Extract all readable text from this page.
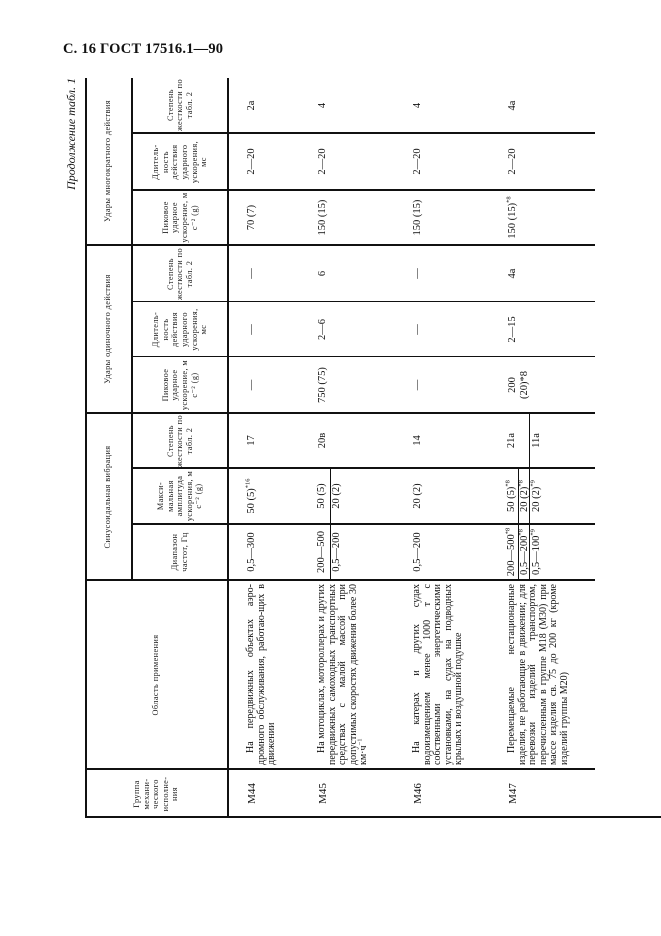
С. 16 ГОСТ 17516.1—90
Продолжение табл. 1
Группа механи-ческого исполне-ния
Область применения
Синусоидальная вибрация
Удары одиночного действия
Удары многократного действия
Диапазон частот, Гц
Макси-мальная амплитуда ускорения, м с⁻² (g)
Степень жесткости по табл. 2
Пиковое ударное ускорение, м с⁻² (g)
Длитель-ность действия ударного ускорения, мс
Степень жесткости по табл. 2
Пиковое ударное ускорение, м с⁻² (g)
Длитель-ность действия ударного ускорения, мс
Степень жесткости по табл. 2
М44
На передвижных объектах аэро-дромного обслуживания, работаю-щих в движении
0,5—300
50 $(5)^{*16}$
17
—
—
—
70 (7)
2—20
2а
М45
На мотоциклах, мотороллерах и других передвижных самоходных транспортных средствах с малой массой при допустимых скоростях движения более 30 $км\cdot ч^{-1}$
200—500 0,5—200
50 (5) 20 (2)
20в
750 (75)
2—6
6
150 (15)
2—20
4
М46
На катерах и других судах водоизмещением менее 1000 т с собственными энергетическими установками, на судах на подводных крыльях и воздушной подушке
0,5—200
20 (2)
14
—
—
—
150 (15)
2—20
4
М47
Перемещаемые нестационарные изделия, не работающие в движении; для перевозки изделий транспортом, перечисленным в группе М18 (М30) при массе изделия св. 75 до 200 кг (кроме изделий группы М20)
200—500$^{*8}$
0,5—200$^{*8}$
0,5—100$^{*9}$
50 $(5)^{*8}$
20 $(2)^{*8}$
20 $(2)^{*9}$
21а 11а
200 (20)*8
2—15
4а
150 $(15)^{*8}$
2—20
4а
